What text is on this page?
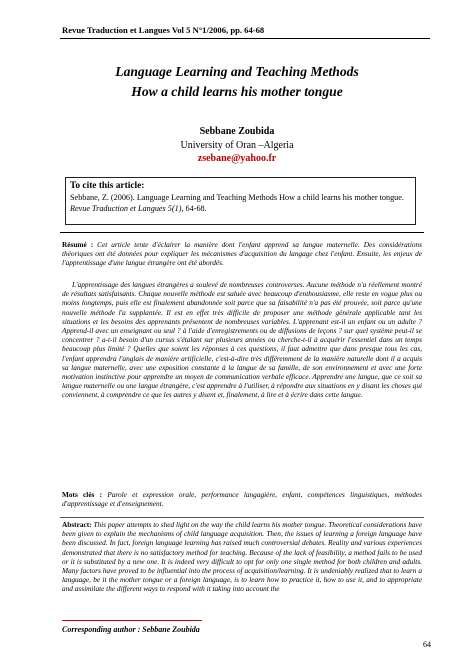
Revue Traduction et Langues Vol 5 N°1/2006, pp. 64-68
Language Learning and Teaching Methods
How a child learns his mother tongue
Sebbane Zoubida
University of Oran –Algeria
zsebane@yahoo.fr
To cite this article:
Sebbane, Z. (2006). Language Learning and Teaching Methods How a child learns his mother tongue. Revue Traduction et Langues 5(1), 64-68.
Résumé : Cet article tente d'éclairer la manière dont l'enfant apprend sa langue maternelle. Des considérations théoriques ont été données pour expliquer les mécanismes d'acquisition du langage chez l'enfant. Ensuite, les enjeux de l'apprentissage d'une langue étrangère ont été abordés.
L'apprentissage des langues étrangères a soulevé de nombreuses controverses. Aucune méthode n'a réellement montré de résultats satisfaisants. Chaque nouvelle méthode est saluée avec beaucoup d'enthousiasme, elle reste en vogue plus ou moins longtemps, puis elle est finalement abandonnée soit parce que sa faisabilité n'a pas été prouvée, soit parce qu'une nouvelle méthode l'a supplantée. Il est en effet très difficile de proposer une méthode générale applicable tant les situations et les besoins des apprenants présentent de nombreuses variables. L'apprenant est-il un enfant ou un adulte ? Apprend-il avec un enseignant ou seul ? à l'aide d'enregistrements ou de diffusions de leçons ? sur quel système peut-il se concentrer ? a-t-il besoin d'un cursus s'étalant sur plusieurs années ou cherche-t-il à acquérir l'essentiel dans un temps beaucoup plus limité ? Quelles que soient les réponses à ces questions, il faut admettre que dans presque tous les cas, l'enfant apprendra l'anglais de manière artificielle, c'est-à-dire très différemment de la manière naturelle dont il a acquis sa langue maternelle, avec une exposition constante à la langue de sa famille, de son environnement et avec une forte motivation instinctive pour apprendre un moyen de communication verbale efficace. Apprendre une langue, que ce soit sa langue maternelle ou une langue étrangère, c'est apprendre à l'utiliser, à répondre aux situations en y disant les choses qui conviennent, à comprendre ce que les autres y disent et, finalement, à lire et à écrire dans cette langue.
Mots clés : Parole et expression orale, performance langagière, enfant, compétences linguistiques, méthodes d'apprentissage et d'enseignement.
Abstract: This paper attempts to shed light on the way the child learns his mother tongue. Theoretical considerations have been given to explain the mechanisms of child language acquisition. Then, the issues of learning a foreign language have been discussed. In fact, foreign language learning has raised much controversial debates. Reality and various experiences demonstrated that there is no satisfactory method for teaching. Because of the lack of feasibility, a method fails to be used or it is substituted by a new one. It is indeed very difficult to opt for only one single method for both children and adults. Many factors have proved to be influential into the process of acquisition/learning. It is undeniably realized that to learn a language, be it the mother tongue or a foreign language, is to learn how to practice it, how to use it, and to appropriate and assimilate the different ways to respond with it taking into account the
Corresponding author : Sebbane Zoubida
64
